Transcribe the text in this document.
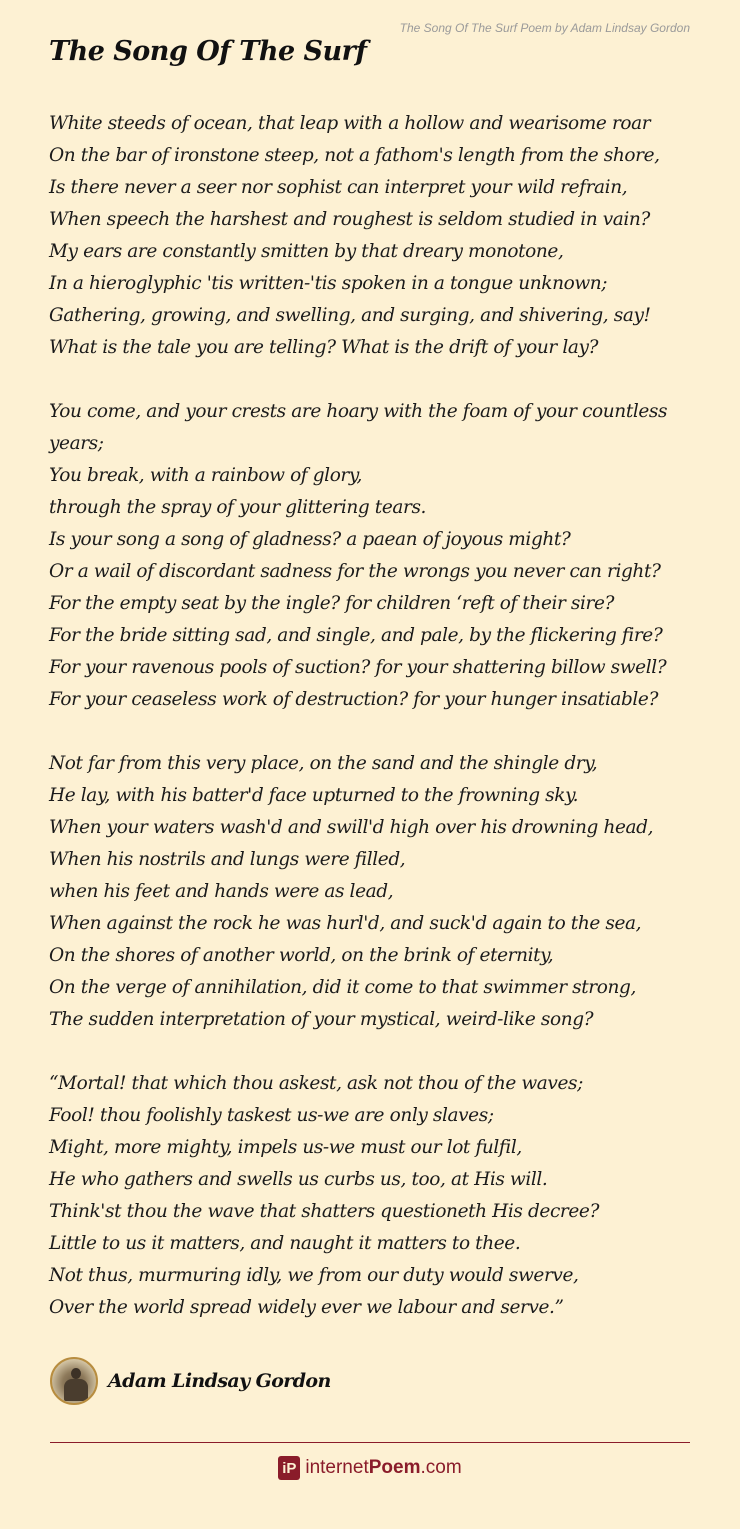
The Song Of The Surf Poem by Adam Lindsay Gordon
The Song Of The Surf
White steeds of ocean, that leap with a hollow and wearisome roar
On the bar of ironstone steep, not a fathom's length from the shore,
Is there never a seer nor sophist can interpret your wild refrain,
When speech the harshest and roughest is seldom studied in vain?
My ears are constantly smitten by that dreary monotone,
In a hieroglyphic 'tis written-'tis spoken in a tongue unknown;
Gathering, growing, and swelling, and surging, and shivering, say!
What is the tale you are telling? What is the drift of your lay?
You come, and your crests are hoary with the foam of your countless years;
You break, with a rainbow of glory,
through the spray of your glittering tears.
Is your song a song of gladness? a paean of joyous might?
Or a wail of discordant sadness for the wrongs you never can right?
For the empty seat by the ingle? for children ‘reft of their sire?
For the bride sitting sad, and single, and pale, by the flickering fire?
For your ravenous pools of suction? for your shattering billow swell?
For your ceaseless work of destruction? for your hunger insatiable?
Not far from this very place, on the sand and the shingle dry,
He lay, with his batter'd face upturned to the frowning sky.
When your waters wash'd and swill'd high over his drowning head,
When his nostrils and lungs were filled,
when his feet and hands were as lead,
When against the rock he was hurl'd, and suck'd again to the sea,
On the shores of another world, on the brink of eternity,
On the verge of annihilation, did it come to that swimmer strong,
The sudden interpretation of your mystical, weird-like song?
“Mortal! that which thou askest, ask not thou of the waves;
Fool! thou foolishly taskest us-we are only slaves;
Might, more mighty, impels us-we must our lot fulfil,
He who gathers and swells us curbs us, too, at His will.
Think'st thou the wave that shatters questioneth His decree?
Little to us it matters, and naught it matters to thee.
Not thus, murmuring idly, we from our duty would swerve,
Over the world spread widely ever we labour and serve.”
Adam Lindsay Gordon
iP internetPoem.com
